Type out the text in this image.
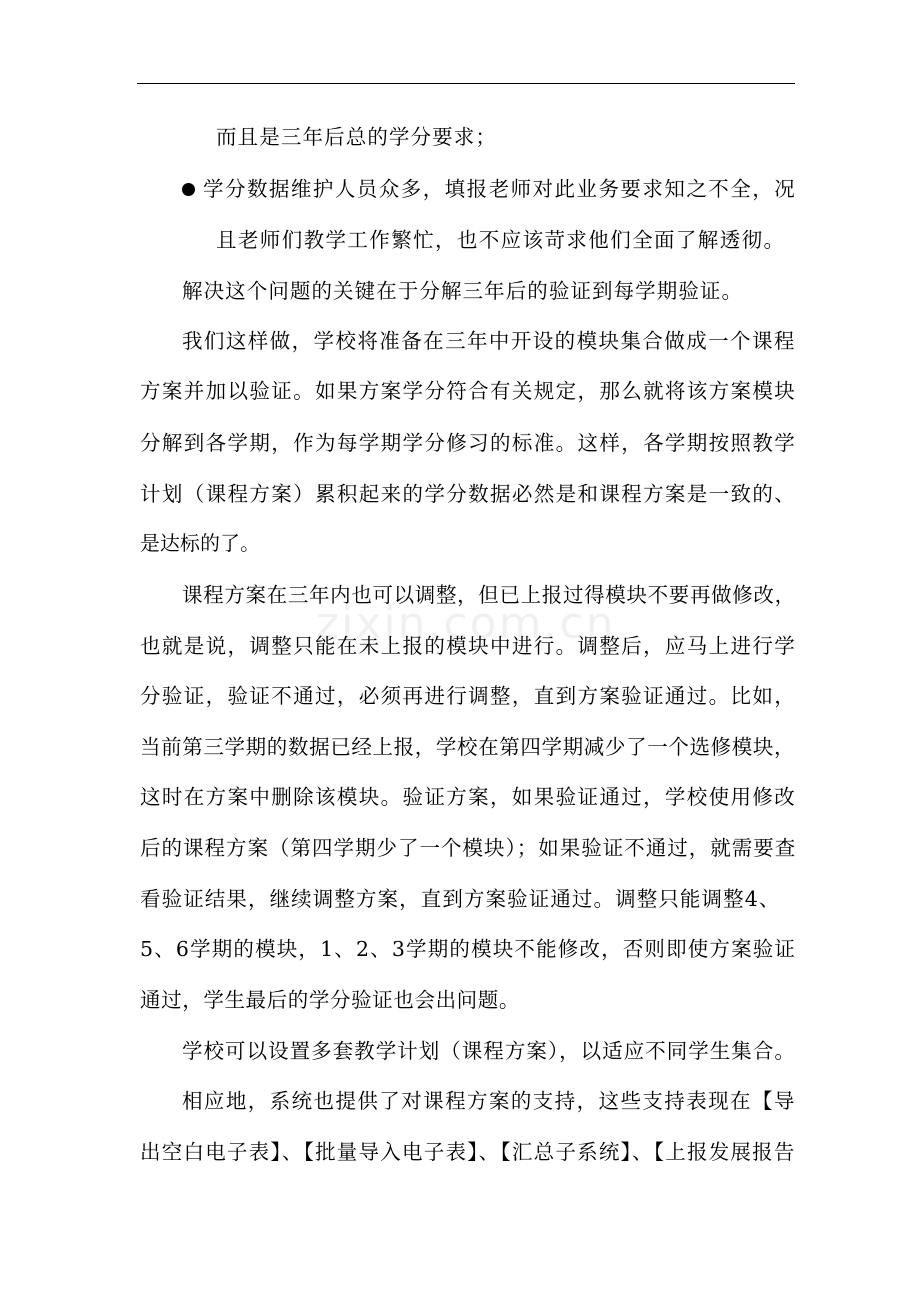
zixin.com.cn
而且是三年后总的学分要求；
学分数据维护人员众多，填报老师对此业务要求知之不全，况
且老师们教学工作繁忙，也不应该苛求他们全面了解透彻。
解决这个问题的关键在于分解三年后的验证到每学期验证。
我们这样做，学校将准备在三年中开设的模块集合做成一个课程
方案并加以验证。如果方案学分符合有关规定，那么就将该方案模块
分解到各学期，作为每学期学分修习的标准。这样，各学期按照教学
计划（课程方案）累积起来的学分数据必然是和课程方案是一致的、
是达标的了。
课程方案在三年内也可以调整，但已上报过得模块不要再做修改，
也就是说，调整只能在未上报的模块中进行。调整后，应马上进行学
分验证，验证不通过，必须再进行调整，直到方案验证通过。比如，
当前第三学期的数据已经上报，学校在第四学期减少了一个选修模块，
这时在方案中删除该模块。验证方案，如果验证通过，学校使用修改
后的课程方案（第四学期少了一个模块）；如果验证不通过，就需要查
看验证结果，继续调整方案，直到方案验证通过。调整只能调整4、
5、6学期的模块，1、2、3学期的模块不能修改，否则即使方案验证
通过，学生最后的学分验证也会出问题。
学校可以设置多套教学计划（课程方案），以适应不同学生集合。
相应地，系统也提供了对课程方案的支持，这些支持表现在【导
出空白电子表】、【批量导入电子表】、【汇总子系统】、【上报发展报告
